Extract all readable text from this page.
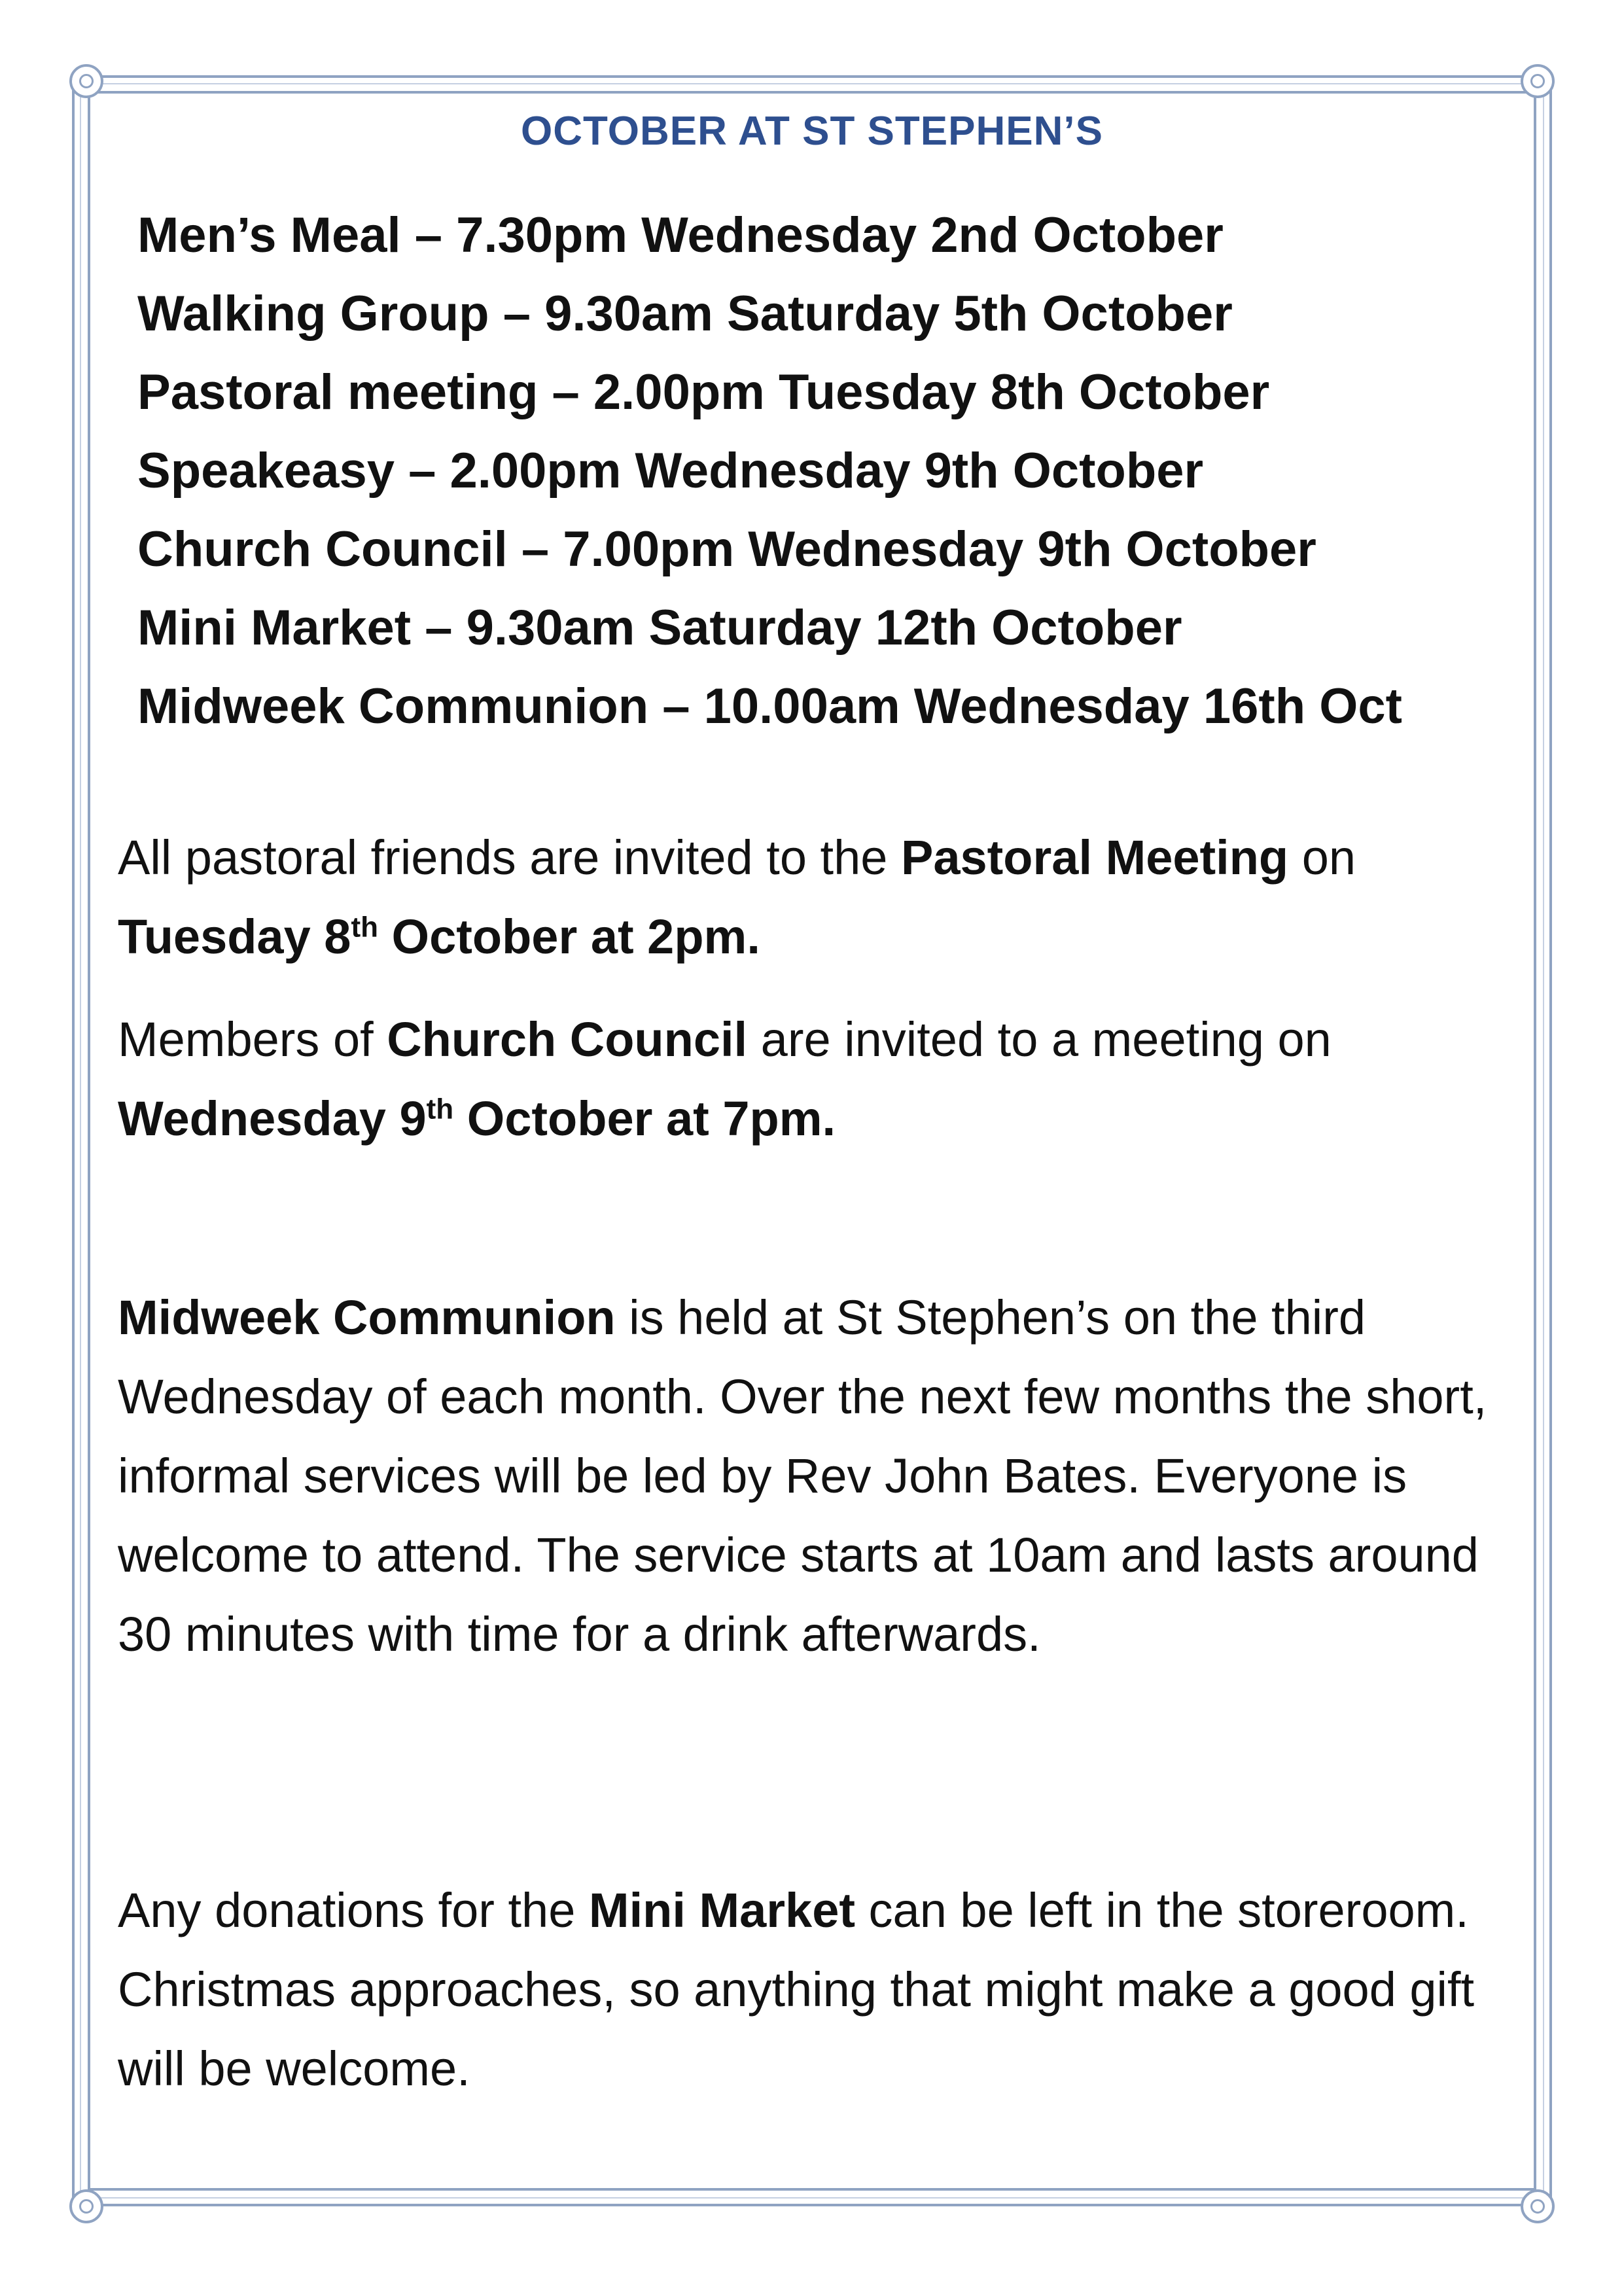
OCTOBER AT ST STEPHEN’S
Men’s Meal – 7.30pm Wednesday 2nd October
Walking Group – 9.30am Saturday 5th October
Pastoral meeting – 2.00pm Tuesday 8th October
Speakeasy – 2.00pm Wednesday 9th October
Church Council – 7.00pm Wednesday 9th October
Mini Market – 9.30am Saturday 12th October
Midweek Communion – 10.00am Wednesday 16th Oct

All pastoral friends are invited to the Pastoral Meeting on Tuesday 8th October at 2pm.

Members of Church Council are invited to a meeting on Wednesday 9th October at 7pm.

Midweek Communion is held at St Stephen’s on the third Wednesday of each month. Over the next few months the short, informal services will be led by Rev John Bates. Everyone is welcome to attend. The service starts at 10am and lasts around 30 minutes with time for a drink afterwards.

Any donations for the Mini Market can be left in the storeroom. Christmas approaches, so anything that might make a good gift will be welcome.
